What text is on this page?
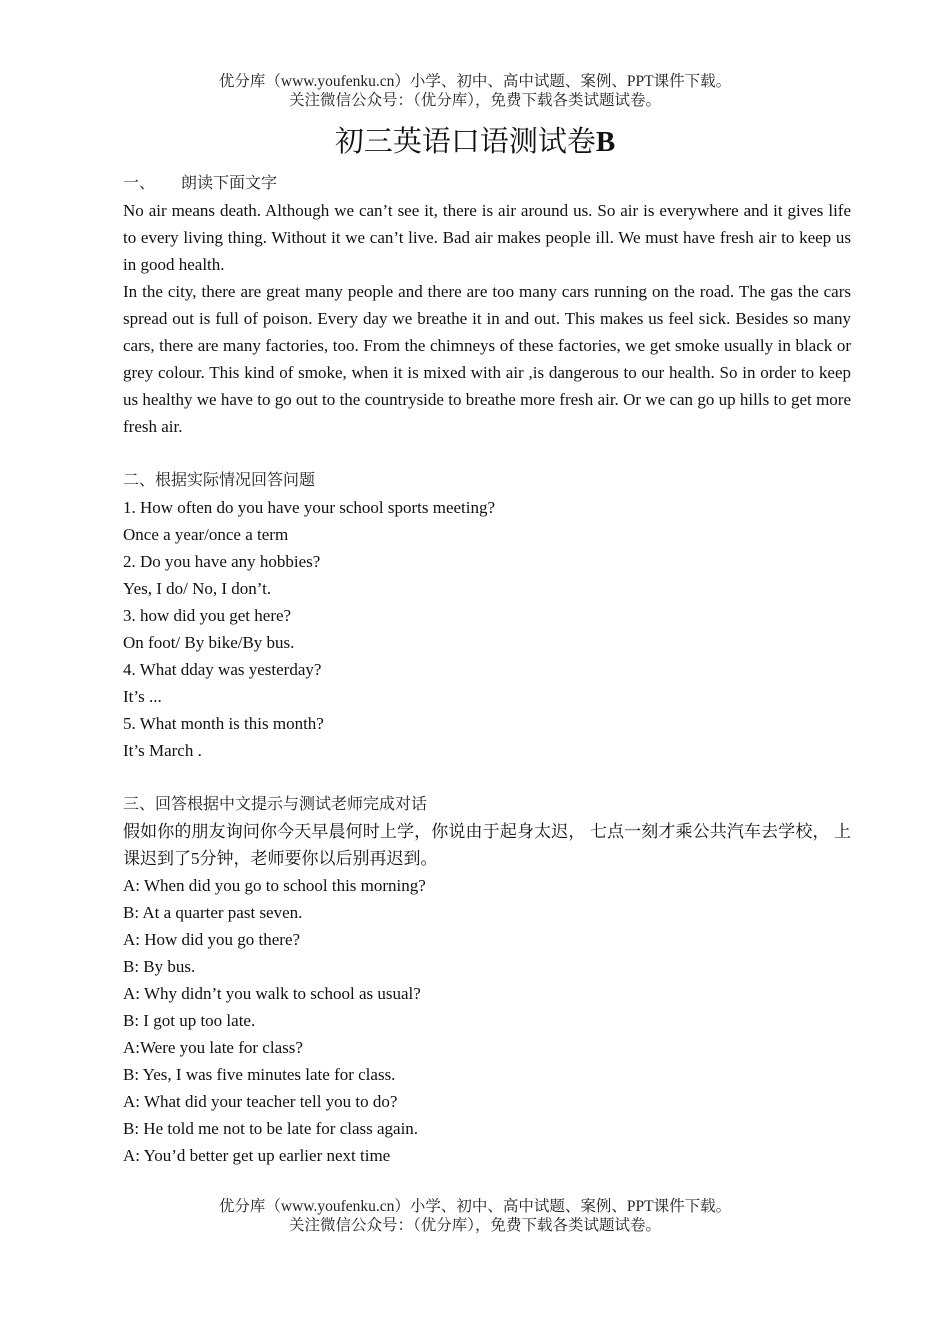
优分库（www.youfenku.cn）小学、初中、高中试题、案例、PPT课件下载。
关注微信公众号：（优分库），免费下载各类试题试卷。
初三英语口语测试卷B

一、 朗读下面文字

No air means death. Although we can’t see it, there is air around us. So air is everywhere and it gives life to every living thing. Without it we can’t live. Bad air makes people ill. We must have fresh air to keep us in good health.

In the city, there are great many people and there are too many cars running on the road. The gas the cars spread out is full of poison. Every day we breathe it in and out. This makes us feel sick. Besides so many cars, there are many factories, too. From the chimneys of these factories, we get smoke usually in black or grey colour. This kind of smoke, when it is mixed with air ,is dangerous to our health. So in order to keep us healthy we have to go out to the countryside to breathe more fresh air. Or we can go up hills to get more fresh air.

二、根据实际情况回答问题

1. How often do you have your school sports meeting?

Once a year/once a term

2. Do you have any hobbies?

Yes, I do/ No, I don’t.

3. how did you get here?

On foot/ By bike/By bus.

4. What dday was yesterday?

It’s ...

5. What month is this month?

It’s March .

三、回答根据中文提示与测试老师完成对话

假如你的朋友询问你今天早晨何时上学，你说由于起身太迟， 七点一刻才乘公共汽车去学校， 上课迟到了5分钟，老师要你以后别再迟到。

A: When did you go to school this morning?

B: At a quarter past seven.

A: How did you go there?

B: By bus.

A: Why didn’t you walk to school as usual?

B: I got up too late.

A:Were you late for class?

B: Yes, I was five minutes late for class.

A: What did your teacher tell you to do?

B: He told me not to be late for class again.

A: You’d better get up earlier next time

优分库（www.youfenku.cn）小学、初中、高中试题、案例、PPT课件下载。
关注微信公众号：（优分库），免费下载各类试题试卷。
